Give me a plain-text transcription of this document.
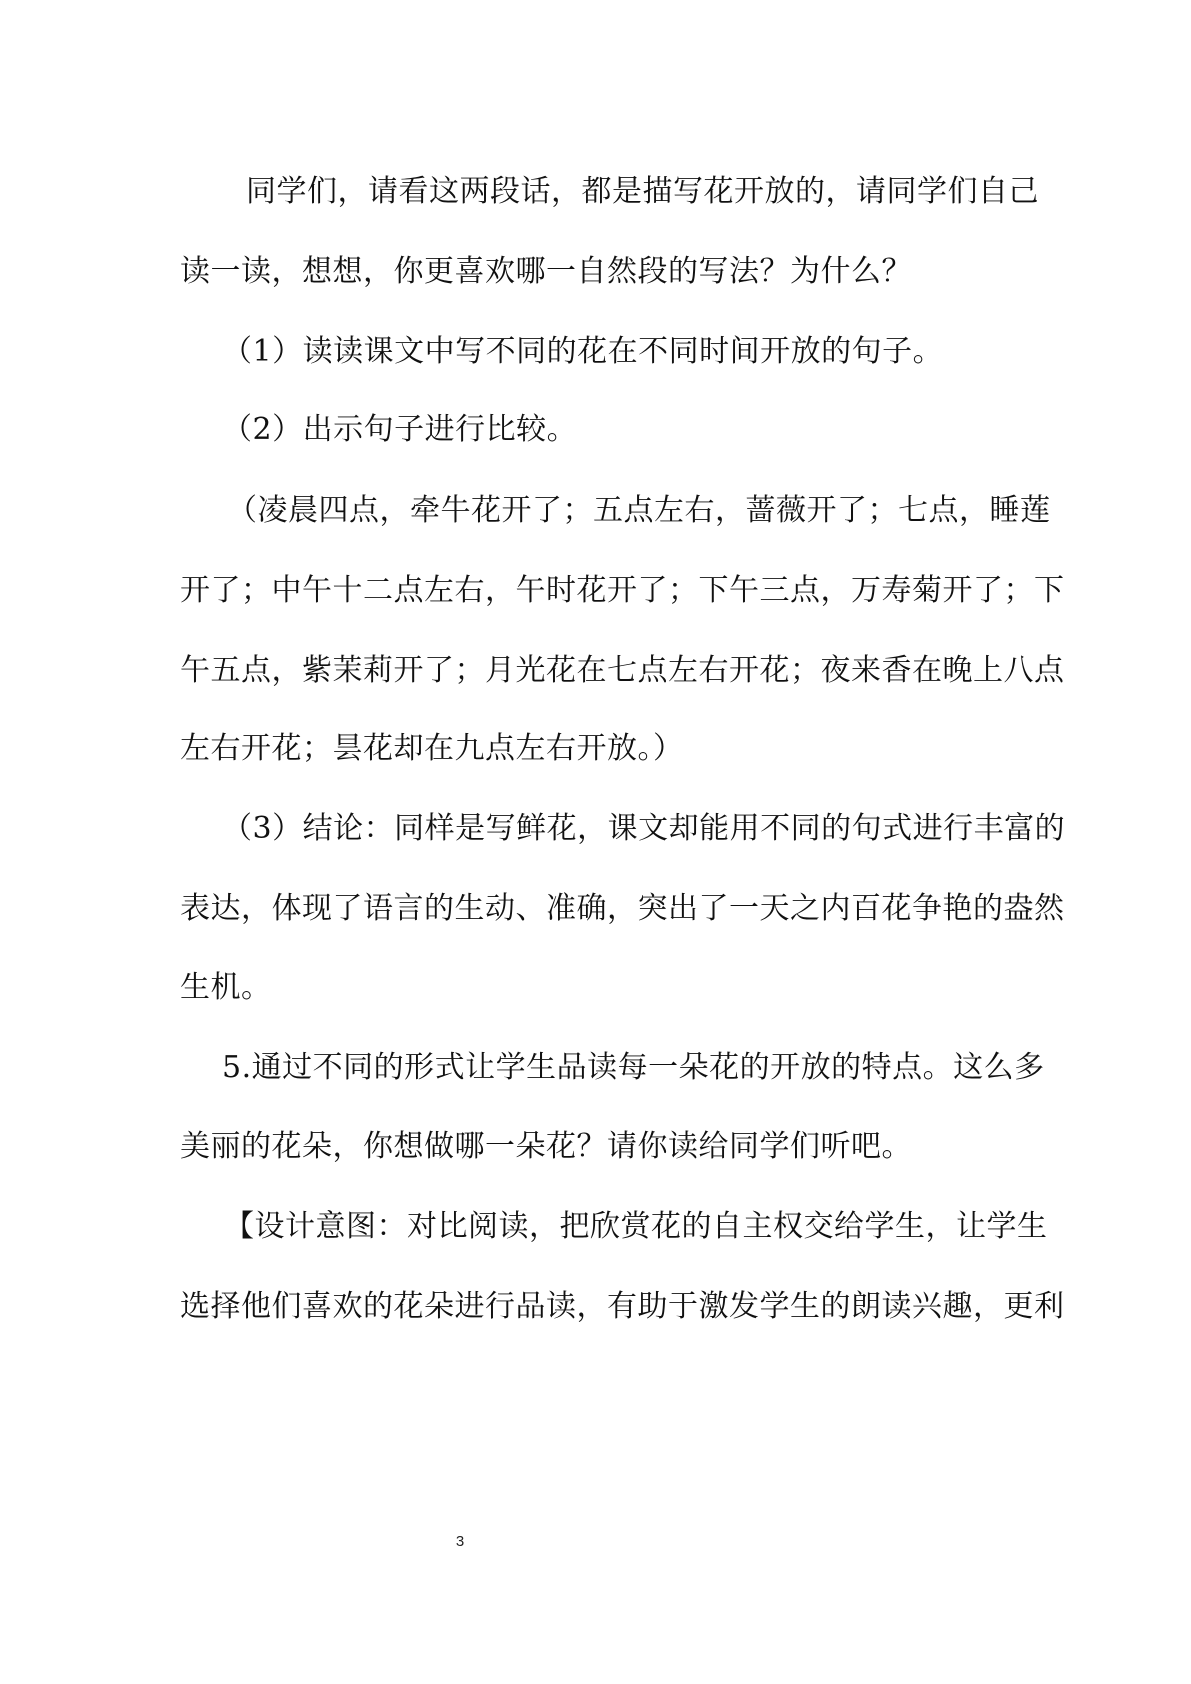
同学们，请看这两段话，都是描写花开放的，请同学们自己
读一读，想想，你更喜欢哪一自然段的写法？为什么？
（1）读读课文中写不同的花在不同时间开放的句子。
（2）出示句子进行比较。
（凌晨四点，牵牛花开了；五点左右，蔷薇开了；七点，睡莲
开了；中午十二点左右，午时花开了；下午三点，万寿菊开了；下
午五点，紫茉莉开了；月光花在七点左右开花；夜来香在晚上八点
左右开花；昙花却在九点左右开放。）
（3）结论：同样是写鲜花，课文却能用不同的句式进行丰富的
表达，体现了语言的生动、准确，突出了一天之内百花争艳的盎然
生机。
5.通过不同的形式让学生品读每一朵花的开放的特点。这么多
美丽的花朵，你想做哪一朵花？请你读给同学们听吧。
【设计意图：对比阅读，把欣赏花的自主权交给学生，让学生
选择他们喜欢的花朵进行品读，有助于激发学生的朗读兴趣，更利
3
